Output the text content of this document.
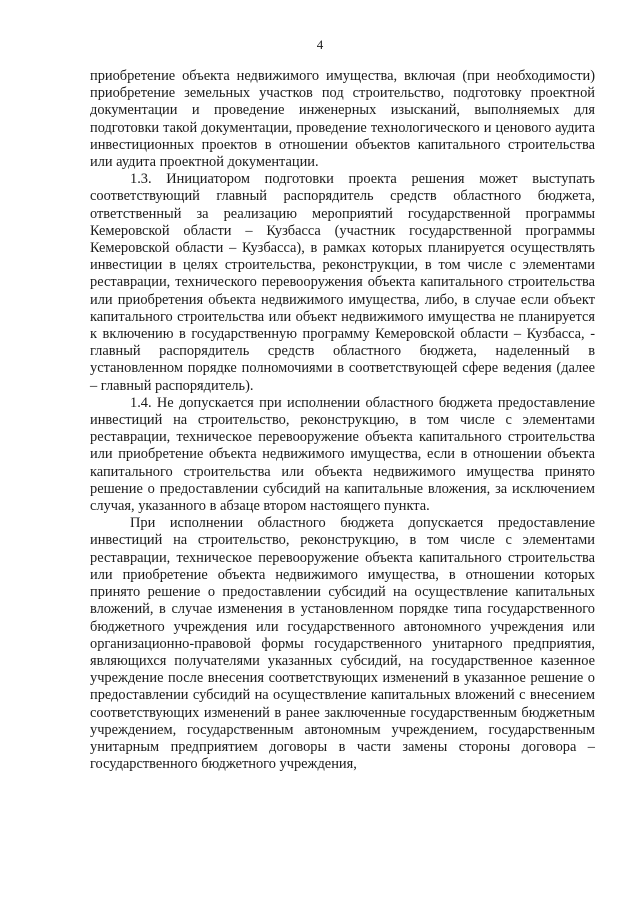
4

приобретение объекта недвижимого имущества, включая (при необходимости) приобретение земельных участков под строительство, подготовку проектной документации и проведение инженерных изысканий, выполняемых для подготовки такой документации, проведение технологического и ценового аудита инвестиционных проектов в отношении объектов капитального строительства или аудита проектной документации.

1.3. Инициатором подготовки проекта решения может выступать соответствующий главный распорядитель средств областного бюджета, ответственный за реализацию мероприятий государственной программы Кемеровской области – Кузбасса (участник государственной программы Кемеровской области – Кузбасса), в рамках которых планируется осуществлять инвестиции в целях строительства, реконструкции, в том числе с элементами реставрации, технического перевооружения объекта капитального строительства или приобретения объекта недвижимого имущества, либо, в случае если объект капитального строительства или объект недвижимого имущества не планируется к включению в государственную программу Кемеровской области – Кузбасса, - главный распорядитель средств областного бюджета, наделенный в установленном порядке полномочиями в соответствующей сфере ведения (далее – главный распорядитель).

1.4. Не допускается при исполнении областного бюджета предоставление инвестиций на строительство, реконструкцию, в том числе с элементами реставрации, техническое перевооружение объекта капитального строительства или приобретение объекта недвижимого имущества, если в отношении объекта капитального строительства или объекта недвижимого имущества принято решение о предоставлении субсидий на капитальные вложения, за исключением случая, указанного в абзаце втором настоящего пункта.

При исполнении областного бюджета допускается предоставление инвестиций на строительство, реконструкцию, в том числе с элементами реставрации, техническое перевооружение объекта капитального строительства или приобретение объекта недвижимого имущества, в отношении которых принято решение о предоставлении субсидий на осуществление капитальных вложений, в случае изменения в установленном порядке типа государственного бюджетного учреждения или государственного автономного учреждения или организационно-правовой формы государственного унитарного предприятия, являющихся получателями указанных субсидий, на государственное казенное учреждение после внесения соответствующих изменений в указанное решение о предоставлении субсидий на осуществление капитальных вложений с внесением соответствующих изменений в ранее заключенные государственным бюджетным учреждением, государственным автономным учреждением, государственным унитарным предприятием договоры в части замены стороны договора – государственного бюджетного учреждения,
